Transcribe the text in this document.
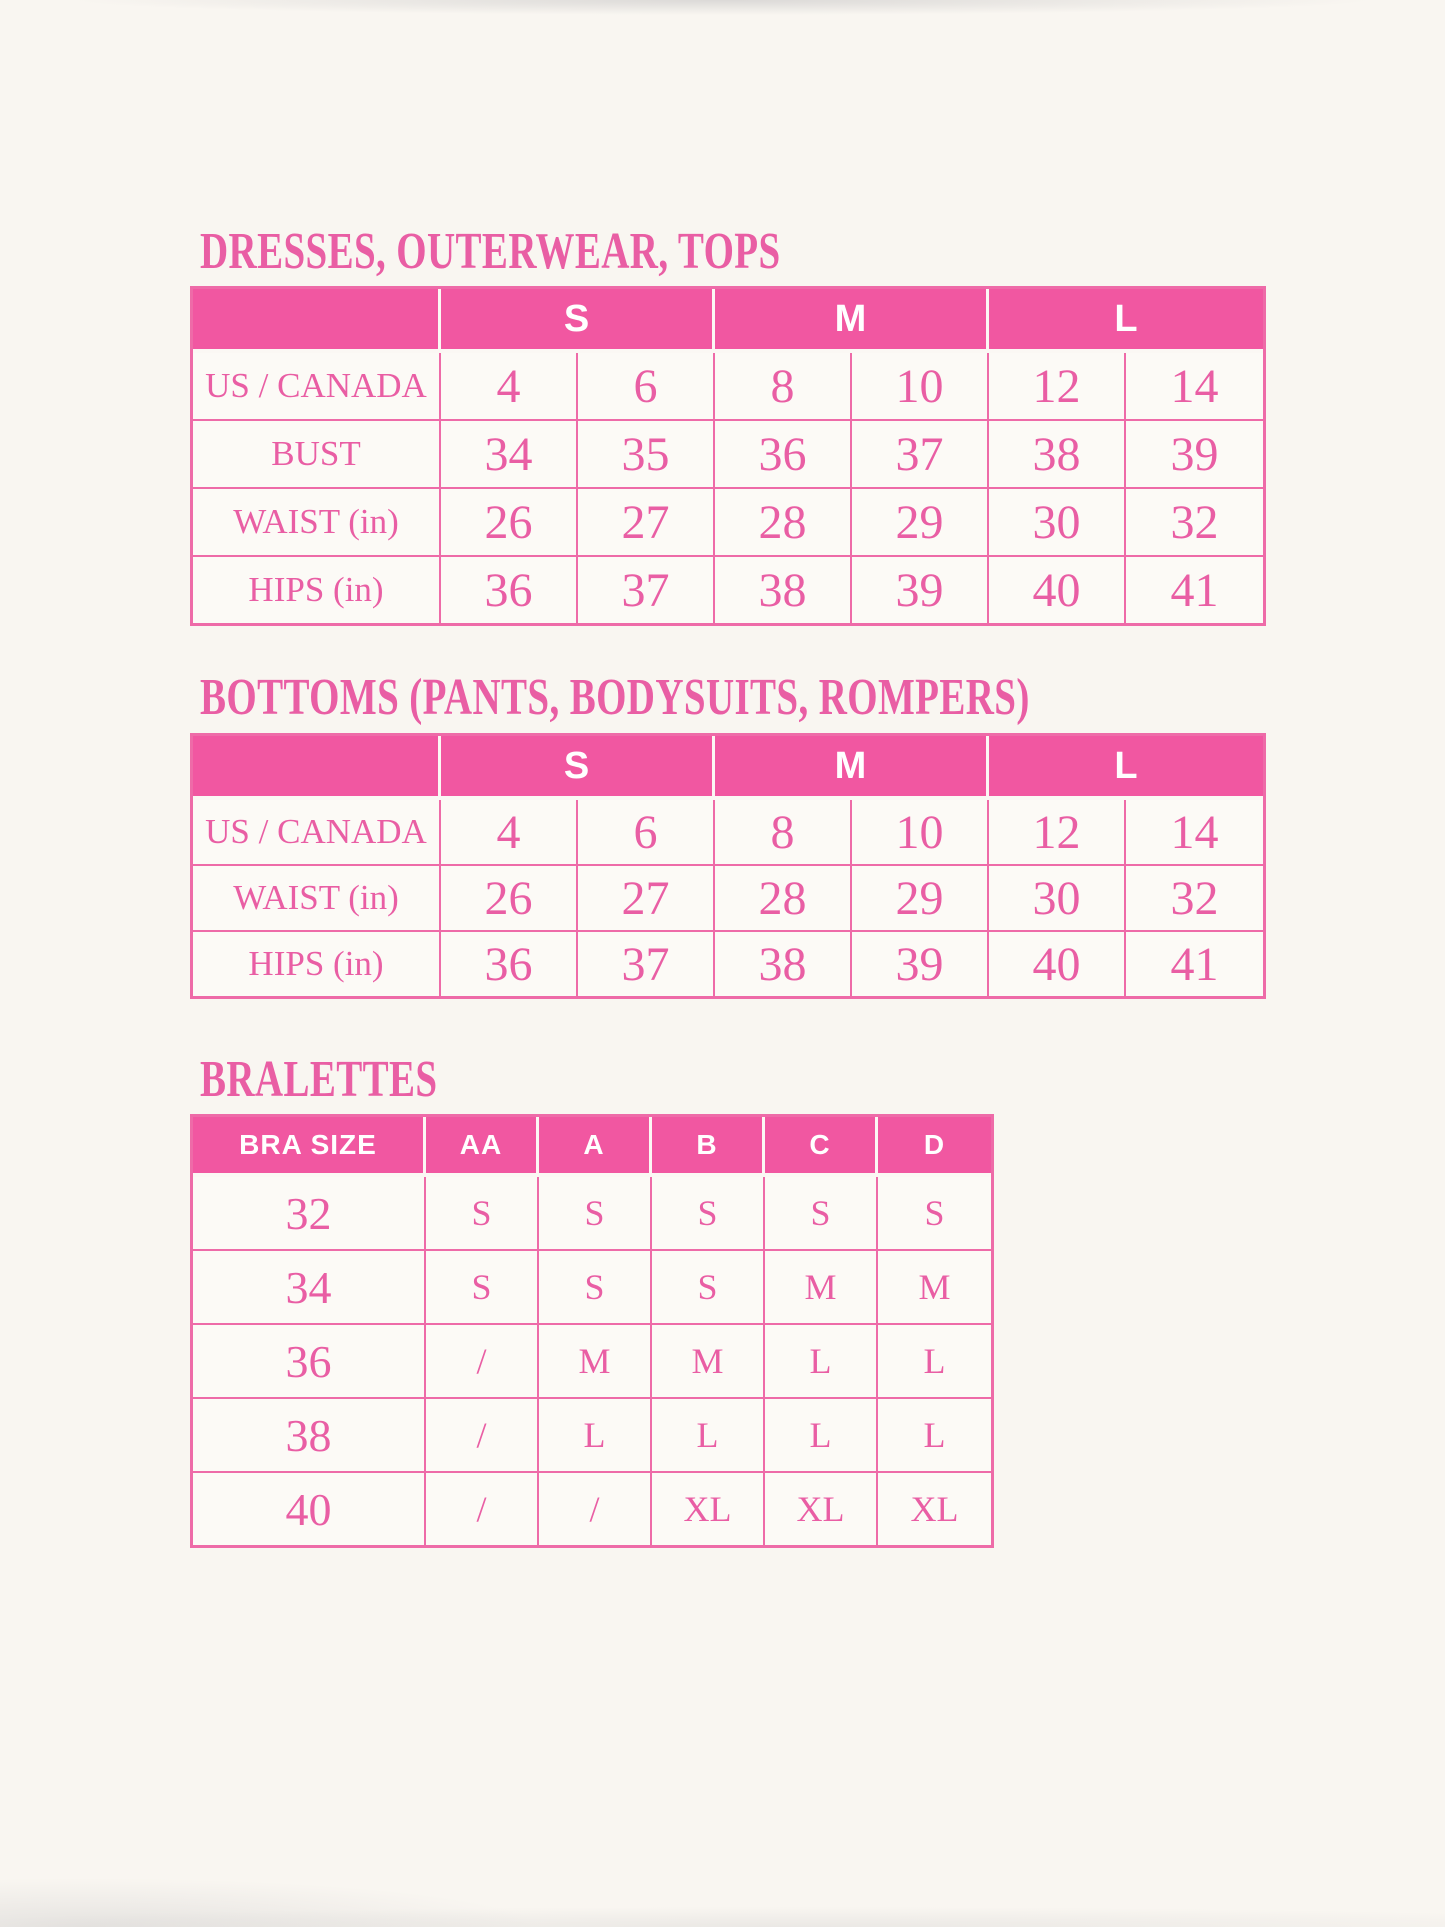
DRESSES, OUTERWEAR, TOPS
	S		M		L	
US / CANADA	4	6	8	10	12	14
BUST	34	35	36	37	38	39
WAIST (in)	26	27	28	29	30	32
HIPS (in)	36	37	38	39	40	41
BOTTOMS (PANTS, BODYSUITS, ROMPERS)
	S		M		L	
US / CANADA	4	6	8	10	12	14
WAIST (in)	26	27	28	29	30	32
HIPS (in)	36	37	38	39	40	41
BRALETTES
BRA SIZE	AA	A	B	C	D
32	S	S	S	S	S
34	S	S	S	M	M
36	/	M	M	L	L
38	/	L	L	L	L
40	/	/	XL	XL	XL
